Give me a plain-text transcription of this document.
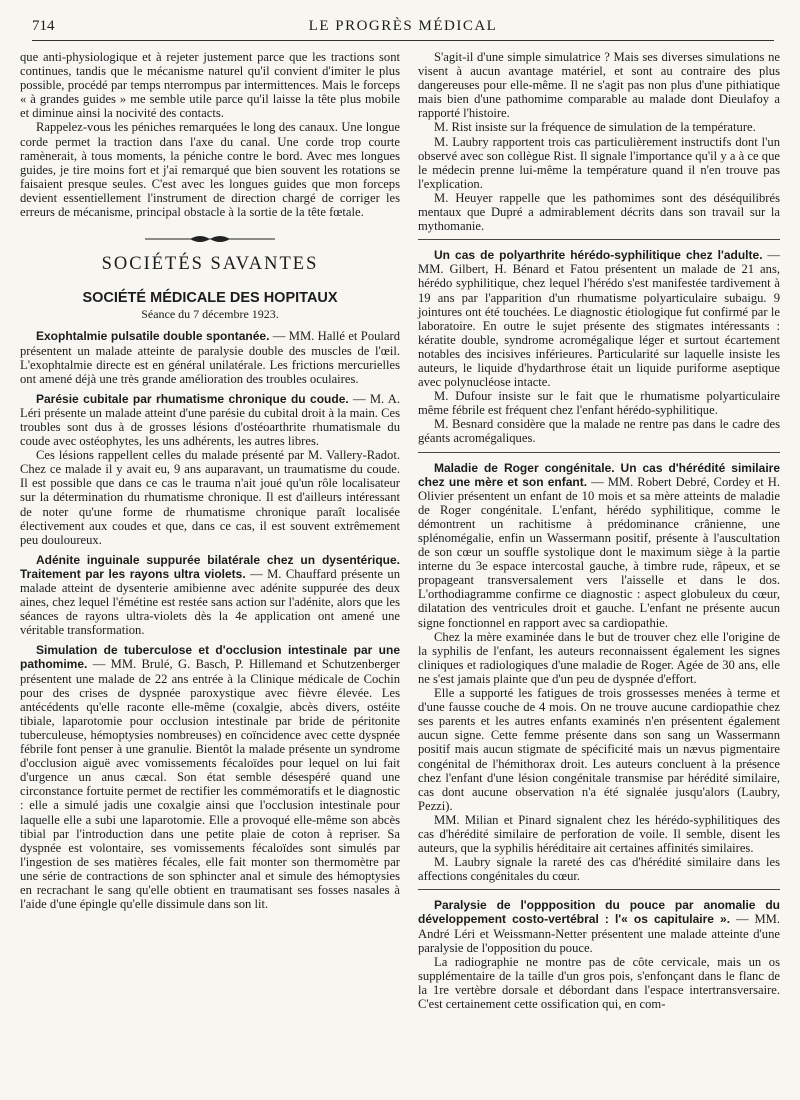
714	LE PROGRÈS MÉDICAL

que anti-physiologique et à rejeter justement parce que les tractions sont continues, tandis que le mécanisme naturel qu'il convient d'imiter le plus possible, procédé par temps nterrompus par intermittences. Mais le forceps « à grandes guides » me semble utile parce qu'il laisse la tête plus mobile et diminue ainsi la nocivité des contacts.

Rappelez-vous les péniches remarquées le long des canaux. Une longue corde permet la traction dans l'axe du canal. Une corde trop courte ramènerait, à tous moments, la péniche contre le bord. Avec mes longues guides, je tire moins fort et j'ai remarqué que bien souvent les rotations se faisaient presque seules. C'est avec les longues guides que mon forceps devient essentiellement l'instrument de direction chargé de corriger les erreurs de mécanisme, principal obstacle à la sortie de la tête fœtale.

SOCIÉTÉS SAVANTES
SOCIÉTÉ MÉDICALE DES HOPITAUX
Séance du 7 décembre 1923.

Exophtalmie pulsatile double spontanée. — MM. Hallé et Poulard présentent un malade atteinte de paralysie double des muscles de l'œil. L'exophtalmie directe est en général unilatérale. Les frictions mercurielles ont amené déjà une très grande amélioration des troubles oculaires.

Parésie cubitale par rhumatisme chronique du coude. — M. A. Léri présente un malade atteint d'une parésie du cubital droit à la main. Ces troubles sont dus à de grosses lésions d'ostéoarthrite rhumatismale du coude avec ostéophytes, les uns adhérents, les autres libres.

Ces lésions rappellent celles du malade présenté par M. Vallery-Radot. Chez ce malade il y avait eu, 9 ans auparavant, un traumatisme du coude. Il est possible que dans ce cas le trauma n'ait joué qu'un rôle localisateur sur la détermination du rhumatisme chronique. Il est d'ailleurs intéressant de noter qu'une forme de rhumatisme chronique paraît localisée électivement aux coudes et que, dans ce cas, il est souvent extrêmement peu douloureux.

Adénite inguinale suppurée bilatérale chez un dysentérique. Traitement par les rayons ultra violets. — M. Chauffard présente un malade atteint de dysenterie amibienne avec adénite suppurée des deux aines, chez lequel l'émétine est restée sans action sur l'adénite, alors que les séances de rayons ultra-violets dès la 4e application ont amené une véritable transformation.

Simulation de tuberculose et d'occlusion intestinale par une pathomime. — MM. Brulé, G. Basch, P. Hillemand et Schutzenberger présentent une malade de 22 ans entrée à la Clinique médicale de Cochin pour des crises de dyspnée paroxystique avec fièvre élevée. Les antécédents qu'elle raconte elle-même (coxalgie, abcès divers, ostéite tibiale, laparotomie pour occlusion intestinale par bride de péritonite tuberculeuse, hémoptysies nombreuses) en coïncidence avec cette dyspnée fébrile font penser à une granulie. Bientôt la malade présente un syndrome d'occlusion aiguë avec vomissements fécaloïdes pour lequel on lui fait d'urgence un anus cæcal. Son état semble désespéré quand une circonstance fortuite permet de rectifier les commémoratifs et le diagnostic : elle a simulé jadis une coxalgie ainsi que l'occlusion intestinale pour laquelle elle a subi une laparotomie. Elle a provoqué elle-même son abcès tibial par l'introduction dans une petite plaie de coton à repriser. Sa dyspnée est volontaire, ses vomissements fécaloïdes sont simulés par l'ingestion de ses matières fécales, elle fait monter son thermomètre par une série de contractions de son sphincter anal et simule des hémoptysies en recrachant le sang qu'elle obtient en traumatisant ses fosses nasales à l'aide d'une épingle qu'elle dissimule dans son lit.

S'agit-il d'une simple simulatrice ? Mais ses diverses simulations ne visent à aucun avantage matériel, et sont au contraire des plus dangereuses pour elle-même. Il ne s'agit pas non plus d'une pithiatique mais bien d'une pathomime comparable au malade dont Dieulafoy a rapporté l'histoire.

M. Rist insiste sur la fréquence de simulation de la température.

M. Laubry rapportent trois cas particulièrement instructifs dont l'un observé avec son collègue Rist. Il signale l'importance qu'il y a à ce que le médecin prenne lui-même la température quand il n'en trouve pas l'explication.

M. Heuyer rappelle que les pathomimes sont des déséquilibrés mentaux que Dupré a admirablement décrits dans son travail sur la mythomanie.

Un cas de polyarthrite hérédo-syphilitique chez l'adulte. — MM. Gilbert, H. Bénard et Fatou présentent un malade de 21 ans, hérédo syphilitique, chez lequel l'hérédo s'est manifestée tardivement à 19 ans par l'apparition d'un rhumatisme polyarticulaire subaigu. 9 jointures ont été touchées. Le diagnostic étiologique fut confirmé par le laboratoire. En outre le sujet présente des stigmates intéressants : kératite double, syndrome acromégalique léger et surtout écartement notables des incisives inférieures. Particularité sur laquelle insiste les auteurs, le liquide d'hydarthrose était un liquide puriforme aseptique avec polynucléose intacte.

M. Dufour insiste sur le fait que le rhumatisme polyarticulaire même fébrile est fréquent chez l'enfant hérédo-syphilitique.

M. Besnard considère que la malade ne rentre pas dans le cadre des géants acromégaliques.

Maladie de Roger congénitale. Un cas d'hérédité similaire chez une mère et son enfant. — MM. Robert Debré, Cordey et H. Olivier présentent un enfant de 10 mois et sa mère atteints de maladie de Roger congénitale. L'enfant, hérédo syphilitique, comme le démontrent un rachitisme à prédominance crânienne, une splénomégalie, enfin un Wassermann positif, présente à l'auscultation de son cœur un souffle systolique dont le maximum siège à la partie interne du 3e espace intercostal gauche, à timbre rude, râpeux, et se propageant transversalement vers l'aisselle et dans le dos. L'orthodiagramme confirme ce diagnostic : aspect globuleux du cœur, dilatation des ventricules droit et gauche. L'enfant ne présente aucun signe fonctionnel en rapport avec sa cardiopathie.

Chez la mère examinée dans le but de trouver chez elle l'origine de la syphilis de l'enfant, les auteurs reconnaissent également les signes cliniques et radiologiques d'une maladie de Roger. Agée de 30 ans, elle ne s'est jamais plainte que d'un peu de dyspnée d'effort.

Elle a supporté les fatigues de trois grossesses menées à terme et d'une fausse couche de 4 mois. On ne trouve aucune cardiopathie chez ses parents et les autres enfants examinés n'en présentent également aucun signe. Cette femme présente dans son sang un Wassermann positif mais aucun stigmate de spécificité mais un nævus pigmentaire congénital de l'hémithorax droit. Les auteurs concluent à la présence chez l'enfant d'une lésion congénitale transmise par hérédité similaire, cas dont aucune observation n'a été signalée jusqu'alors (Laubry, Pezzi).

MM. Milian et Pinard signalent chez les hérédo-syphilitiques des cas d'hérédité similaire de perforation de voile. Il semble, disent les auteurs, que la syphilis héréditaire ait certaines affinités similaires.

M. Laubry signale la rareté des cas d'hérédité similaire dans les affections congénitales du cœur.

Paralysie de l'oppposition du pouce par anomalie du développement costo-vertébral : l'« os capitulaire ». — MM. André Léri et Weissmann-Netter présentent une malade atteinte d'une paralysie de l'opposition du pouce.

La radiographie ne montre pas de côte cervicale, mais un os supplémentaire de la taille d'un gros pois, s'enfonçant dans le flanc de la 1re vertèbre dorsale et débordant dans l'espace intertransversaire. C'est certainement cette ossification qui, en com-
